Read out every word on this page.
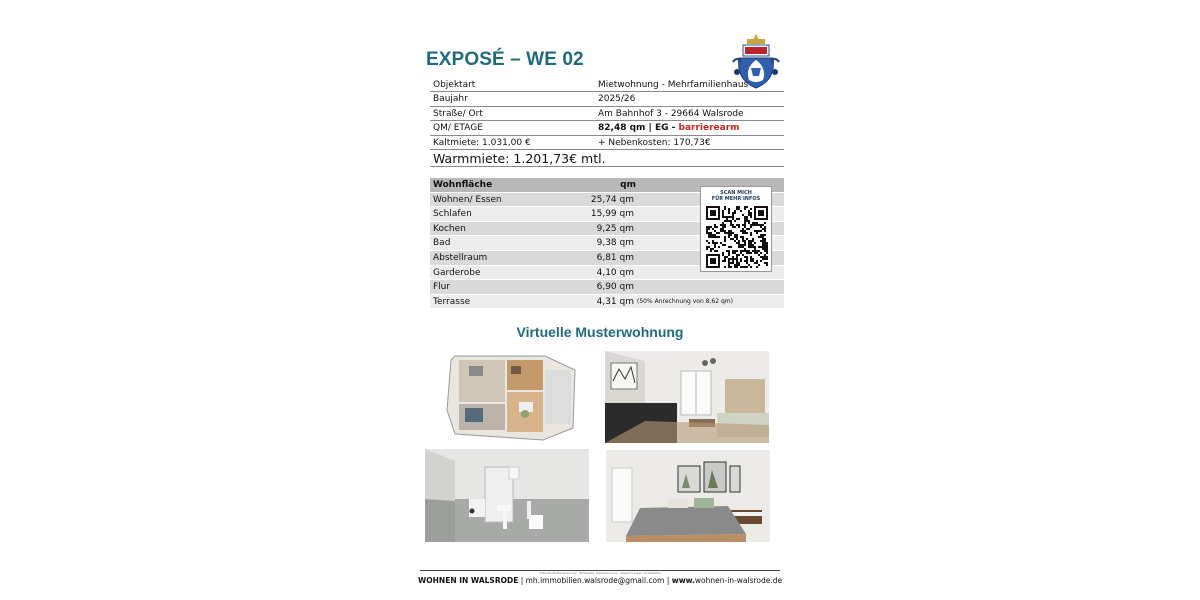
EXPOSÉ – WE 02
Objektart	Mietwohnung - Mehrfamilienhaus
Baujahr	2025/26
Straße/ Ort	Am Bahnhof 3 - 29664 Walsrode
QM/ ETAGE	82,48 qm | EG - barrierearm
Kaltmiete: 1.031,00 €	+ Nebenkosten: 170,73€
Warmmiete: 1.201,73€ mtl.
Wohnfläche	qm
Wohnen/ Essen	25,74 qm
Schlafen	15,99 qm
Kochen	9,25 qm
Bad	9,38 qm
Abstellraum	6,81 qm
Garderobe	4,10 qm
Flur	6,90 qm
Terrasse	4,31 qm (50% Anrechnung von 8,62 qm)
SCAN MICH
FÜR MEHR INFOS
Virtuelle Musterwohnung
Virtuelle Musterwohnung · Bildquelle: Visualisierung · Abweichungen vorbehalten
WOHNEN IN WALSRODE | mh.immobilien.walsrode@gmail.com | www.wohnen-in-walsrode.de
